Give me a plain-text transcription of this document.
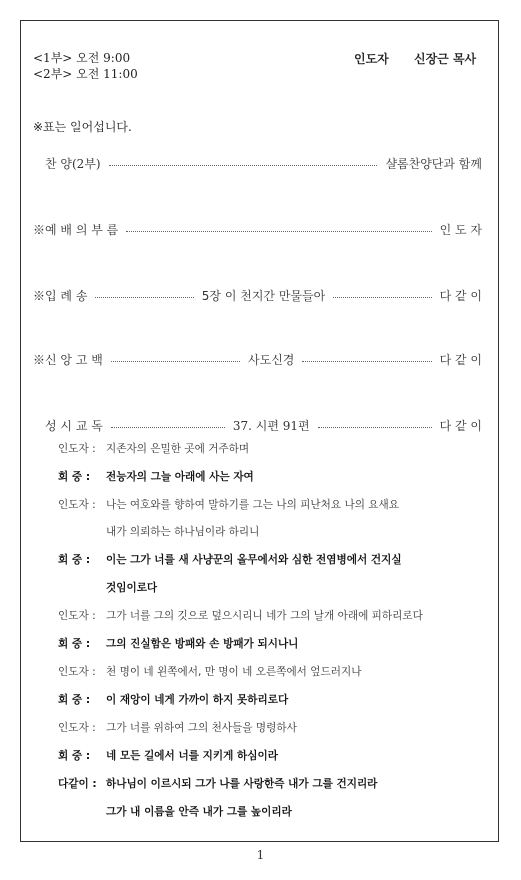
<1부> 오전 9:00
<2부> 오전 11:00
인도자 신장근 목사
※표는 일어섭니다.
찬 양(2부)	샬롬찬양단과 함께
※예 배 의 부 름	인 도 자
※입 례 송	5장 이 천지간 만물들아	다 같 이
※신 앙 고 백	사도신경	다 같 이
성 시 교 독	37. 시편 91편	다 같 이
인도자 : 지존자의 은밀한 곳에 거주하며
회 중 : 전능자의 그늘 아래에 사는 자여
인도자 : 나는 여호와를 향하여 말하기를 그는 나의 피난처요 나의 요새요
내가 의뢰하는 하나님이라 하리니
회 중 : 이는 그가 너를 새 사냥꾼의 올무에서와 심한 전염병에서 건지실
것임이로다
인도자 : 그가 너를 그의 깃으로 덮으시리니 네가 그의 날개 아래에 피하리로다
회 중 : 그의 진실함은 방패와 손 방패가 되시나니
인도자 : 천 명이 네 왼쪽에서, 만 명이 네 오른쪽에서 엎드러지나
회 중 : 이 재앙이 네게 가까이 하지 못하리로다
인도자 : 그가 너를 위하여 그의 천사들을 명령하사
회 중 : 네 모든 길에서 너를 지키게 하심이라
다같이 : 하나님이 이르시되 그가 나를 사랑한즉 내가 그를 건지리라
그가 내 이름을 안즉 내가 그를 높이리라
1
